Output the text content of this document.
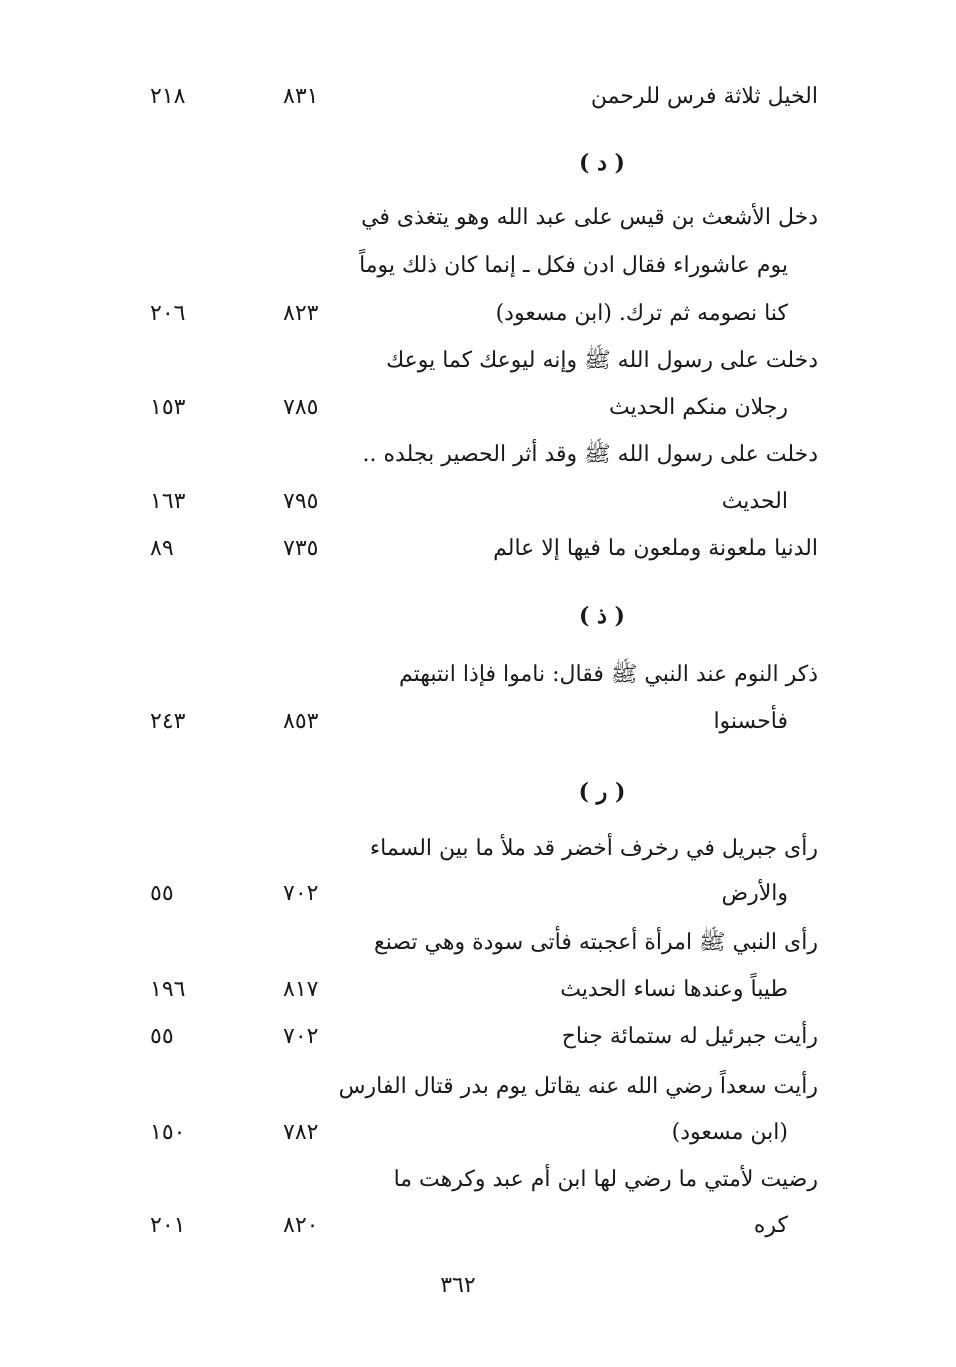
الخيل ثلاثة فرس للرحمن
٨٣١
٢١٨
( د )
دخل الأشعث بن قيس على عبد الله وهو يتغذى في
يوم عاشوراء فقال ادن فكل ـ إنما كان ذلك يوماً
كنا نصومه ثم ترك. (ابن مسعود)
٨٢٣
٢٠٦
دخلت على رسول الله ﷺ وإنه ليوعك كما يوعك
رجلان منكم الحديث
٧٨٥
١٥٣
دخلت على رسول الله ﷺ وقد أثر الحصير بجلده ..
الحديث
٧٩٥
١٦٣
الدنيا ملعونة وملعون ما فيها إلا عالم
٧٣٥
٨٩
( ذ )
ذكر النوم عند النبي ﷺ فقال: ناموا فإذا انتبهتم
فأحسنوا
٨٥٣
٢٤٣
( ر )
رأى جبريل في رخرف أخضر قد ملأ ما بين السماء
والأرض
٧٠٢
٥٥
رأى النبي ﷺ امرأة أعجبته فأتى سودة وهي تصنع
طيباً وعندها نساء الحديث
٨١٧
١٩٦
رأيت جبرئيل له ستمائة جناح
٧٠٢
٥٥
رأيت سعداً رضي الله عنه يقاتل يوم بدر قتال الفارس
(ابن مسعود)
٧٨٢
١٥٠
رضيت لأمتي ما رضي لها ابن أم عبد وكرهت ما
كره
٨٢٠
٢٠١
٣٦٢
